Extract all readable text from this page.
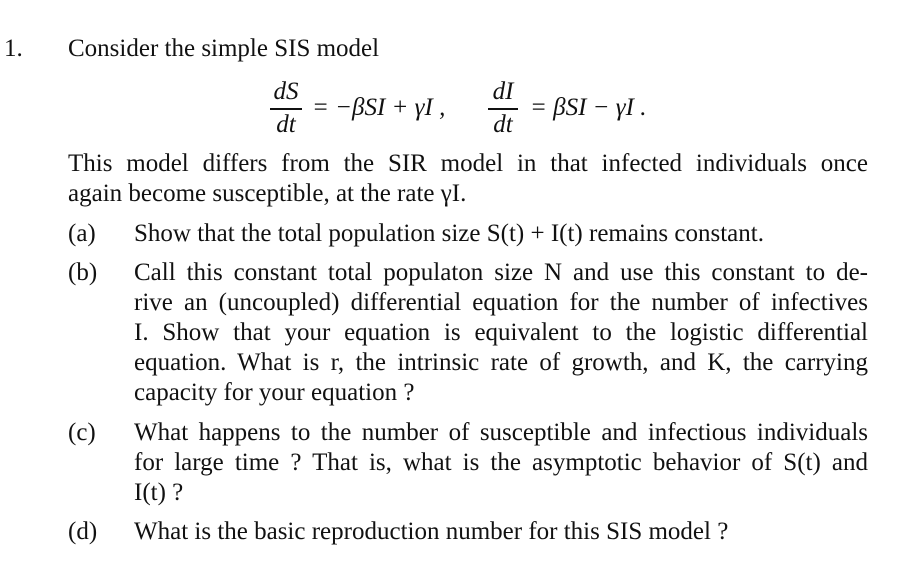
1. Consider the simple SIS model
dS
dt
= −βSI + γI ,
dI
dt
= βSI − γI .
This model differs from the SIR model in that infected individuals once
again become susceptible, at the rate γI.
(a) Show that the total population size S(t) + I(t) remains constant.
(b) Call this constant total populaton size N and use this constant to de-
rive an (uncoupled) differential equation for the number of infectives
I. Show that your equation is equivalent to the logistic differential
equation. What is r, the intrinsic rate of growth, and K, the carrying
capacity for your equation ?
(c) What happens to the number of susceptible and infectious individuals
for large time ? That is, what is the asymptotic behavior of S(t) and
I(t) ?
(d) What is the basic reproduction number for this SIS model ?
